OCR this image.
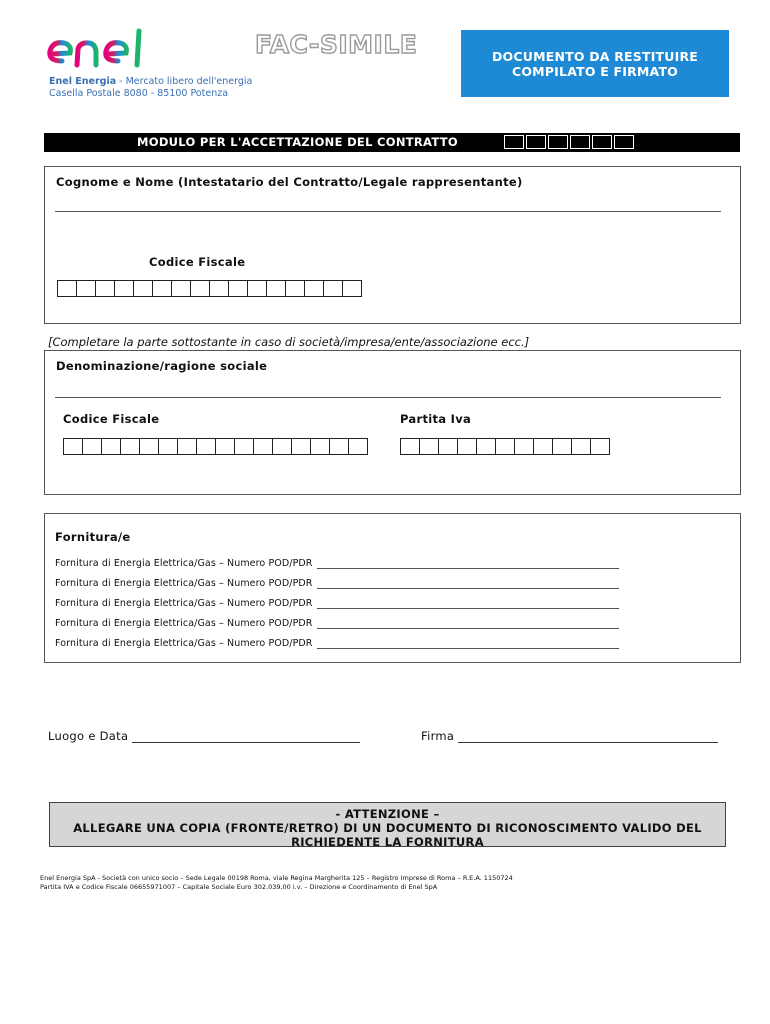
Enel Energia - Mercato libero dell'energia
Casella Postale 8080 - 85100 Potenza
FAC-SIMILE	DOCUMENTO DA RESTITUIRE
COMPILATO E FIRMATO
MODULO PER L'ACCETTAZIONE DEL CONTRATTO
Cognome e Nome (Intestatario del Contratto/Legale rappresentante)
Codice Fiscale
[Completare la parte sottostante in caso di società/impresa/ente/associazione ecc.]
Denominazione/ragione sociale
Codice Fiscale	Partita Iva
Fornitura/e
Fornitura di Energia Elettrica/Gas – Numero POD/PDR
Fornitura di Energia Elettrica/Gas – Numero POD/PDR
Fornitura di Energia Elettrica/Gas – Numero POD/PDR
Fornitura di Energia Elettrica/Gas – Numero POD/PDR
Fornitura di Energia Elettrica/Gas – Numero POD/PDR
Luogo e Data	Firma
- ATTENZIONE –
ALLEGARE UNA COPIA (FRONTE/RETRO) DI UN DOCUMENTO DI RICONOSCIMENTO VALIDO DEL
RICHIEDENTE LA FORNITURA
Enel Energia SpA - Società con unico socio – Sede Legale 00198 Roma, viale Regina Margherita 125 – Registro Imprese di Roma – R.E.A. 1150724
Partita IVA e Codice Fiscale 06655971007 – Capitale Sociale Euro 302.039,00 i.v. – Direzione e Coordinamento di Enel SpA
